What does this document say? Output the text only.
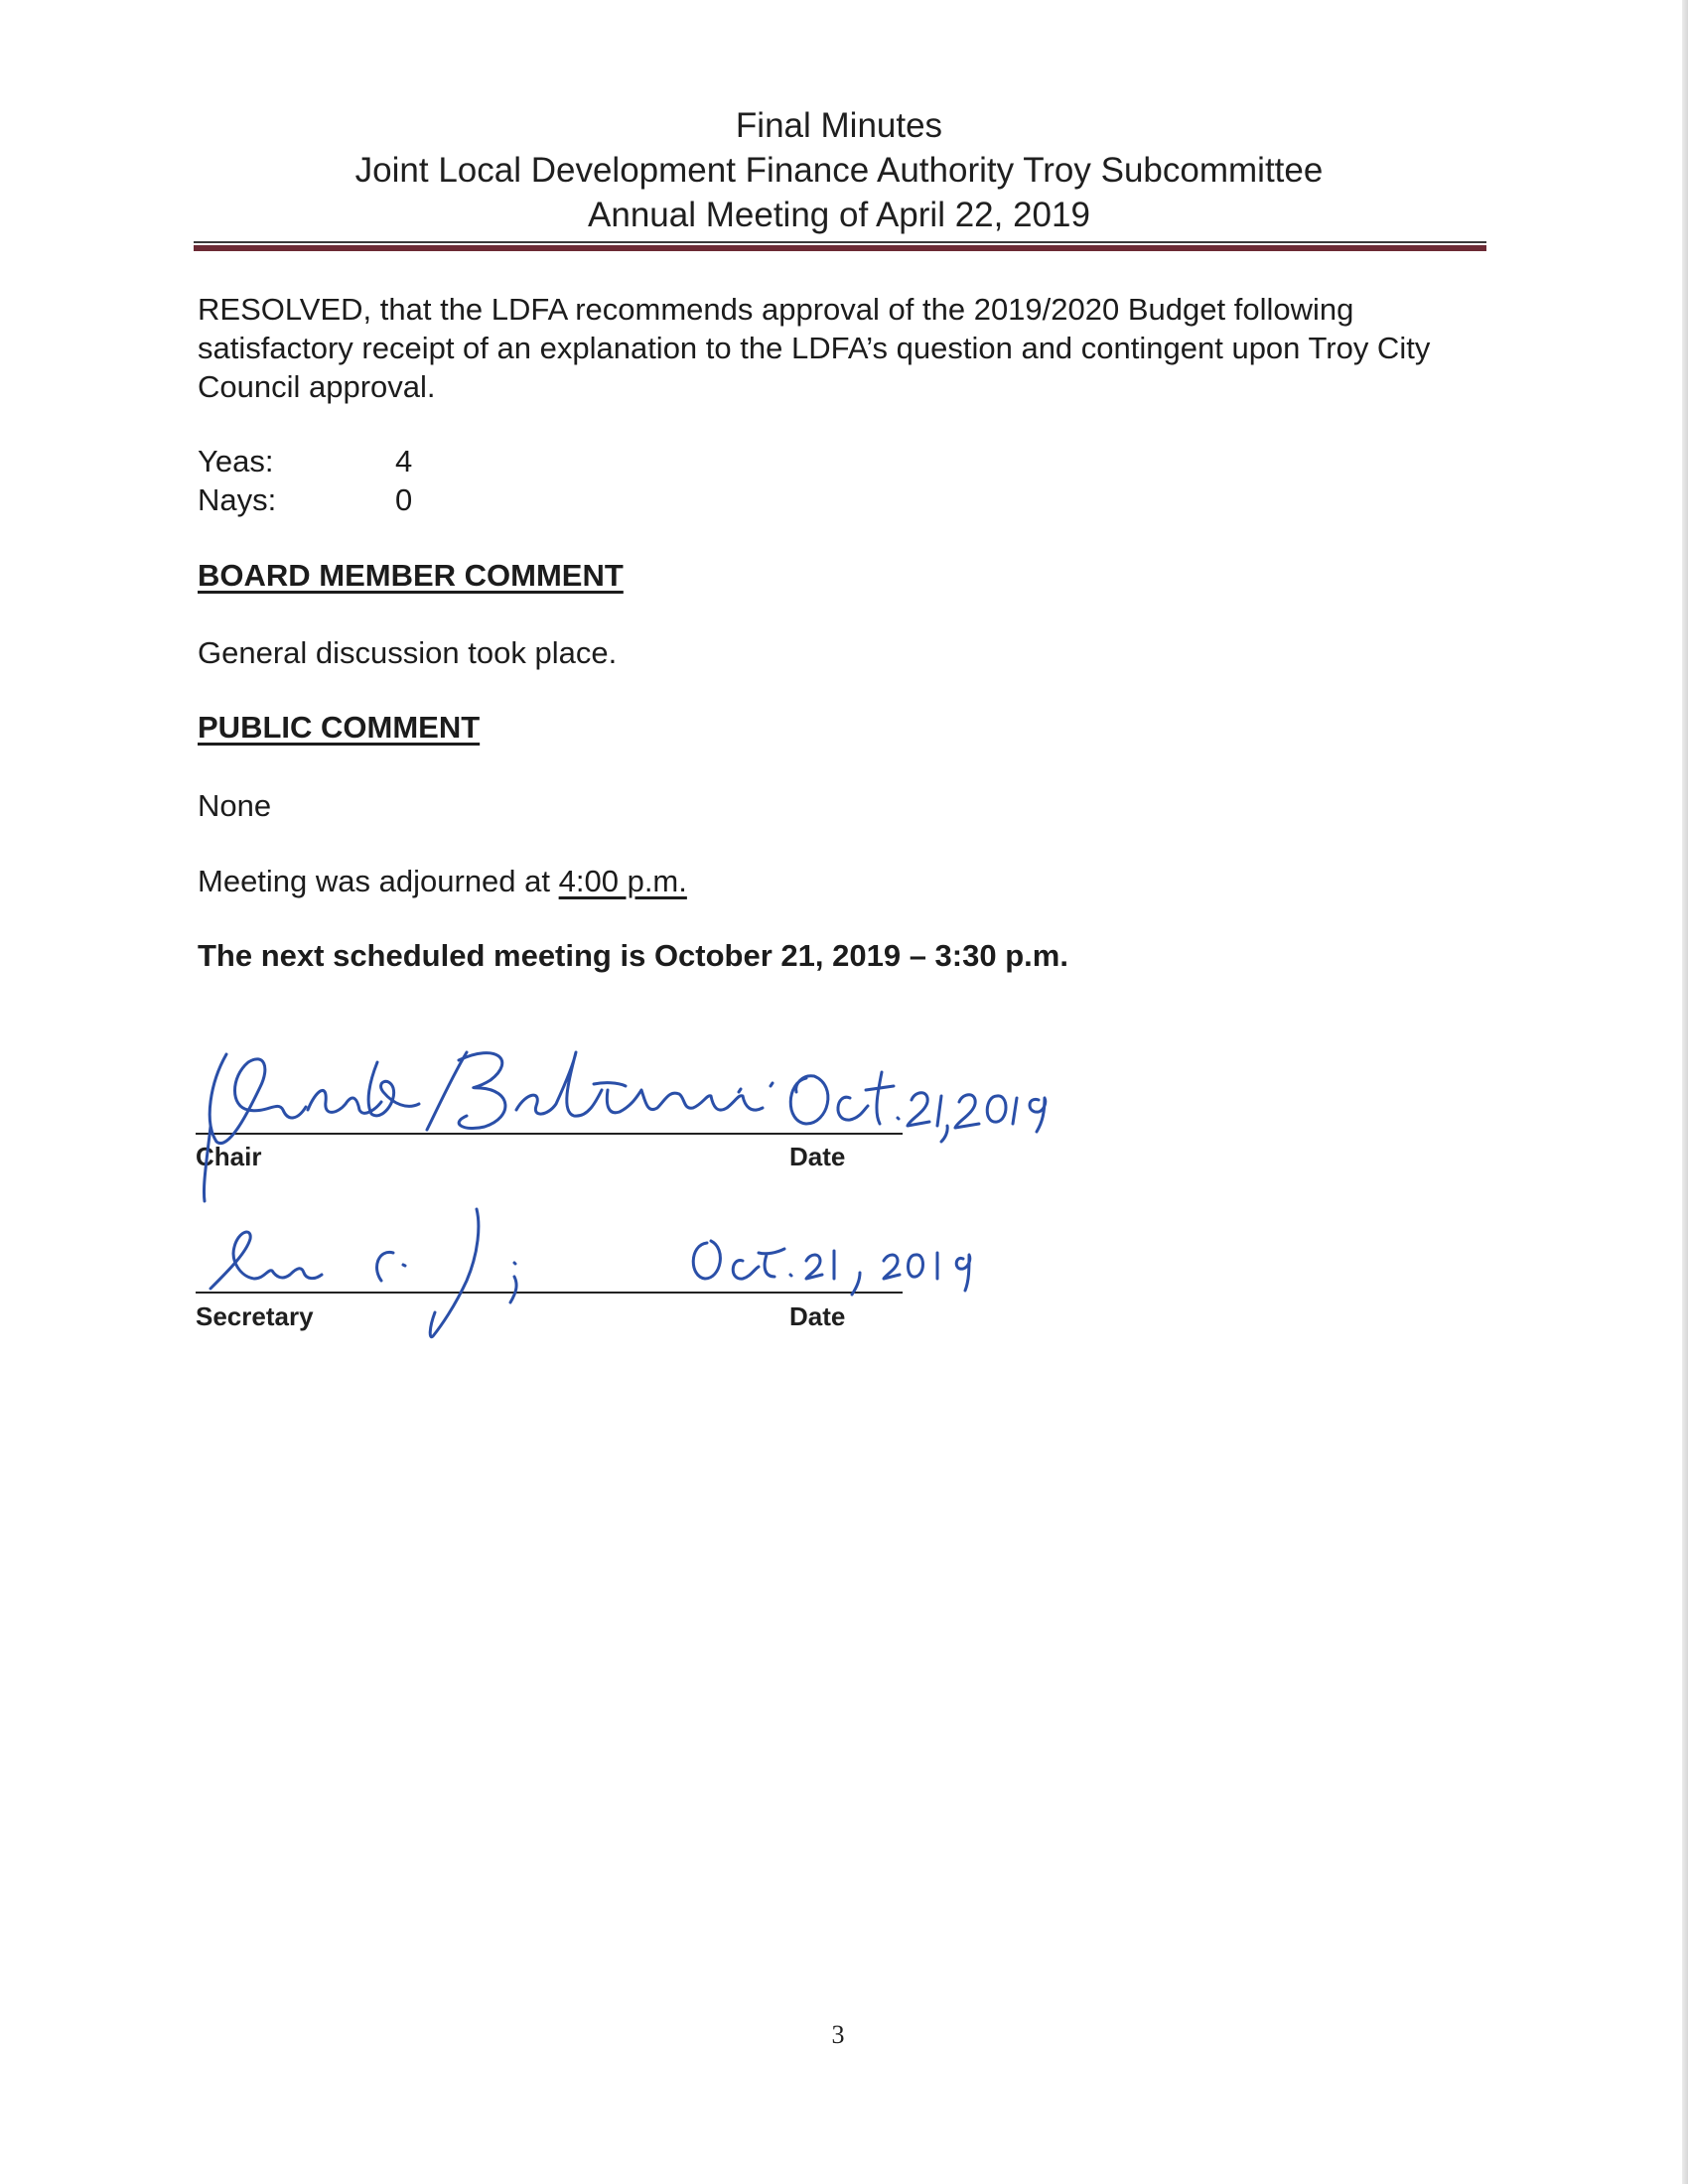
Final Minutes
Joint Local Development Finance Authority Troy Subcommittee
Annual Meeting of April 22, 2019
RESOLVED, that the LDFA recommends approval of the 2019/2020 Budget following satisfactory receipt of an explanation to the LDFA’s question and contingent upon Troy City Council approval.
Yeas:	4
Nays:	0
BOARD MEMBER COMMENT
General discussion took place.
PUBLIC COMMENT
None
Meeting was adjourned at 4:00 p.m.
The next scheduled meeting is October 21, 2019 – 3:30 p.m.
Chair	Date
Secretary	Date
3
